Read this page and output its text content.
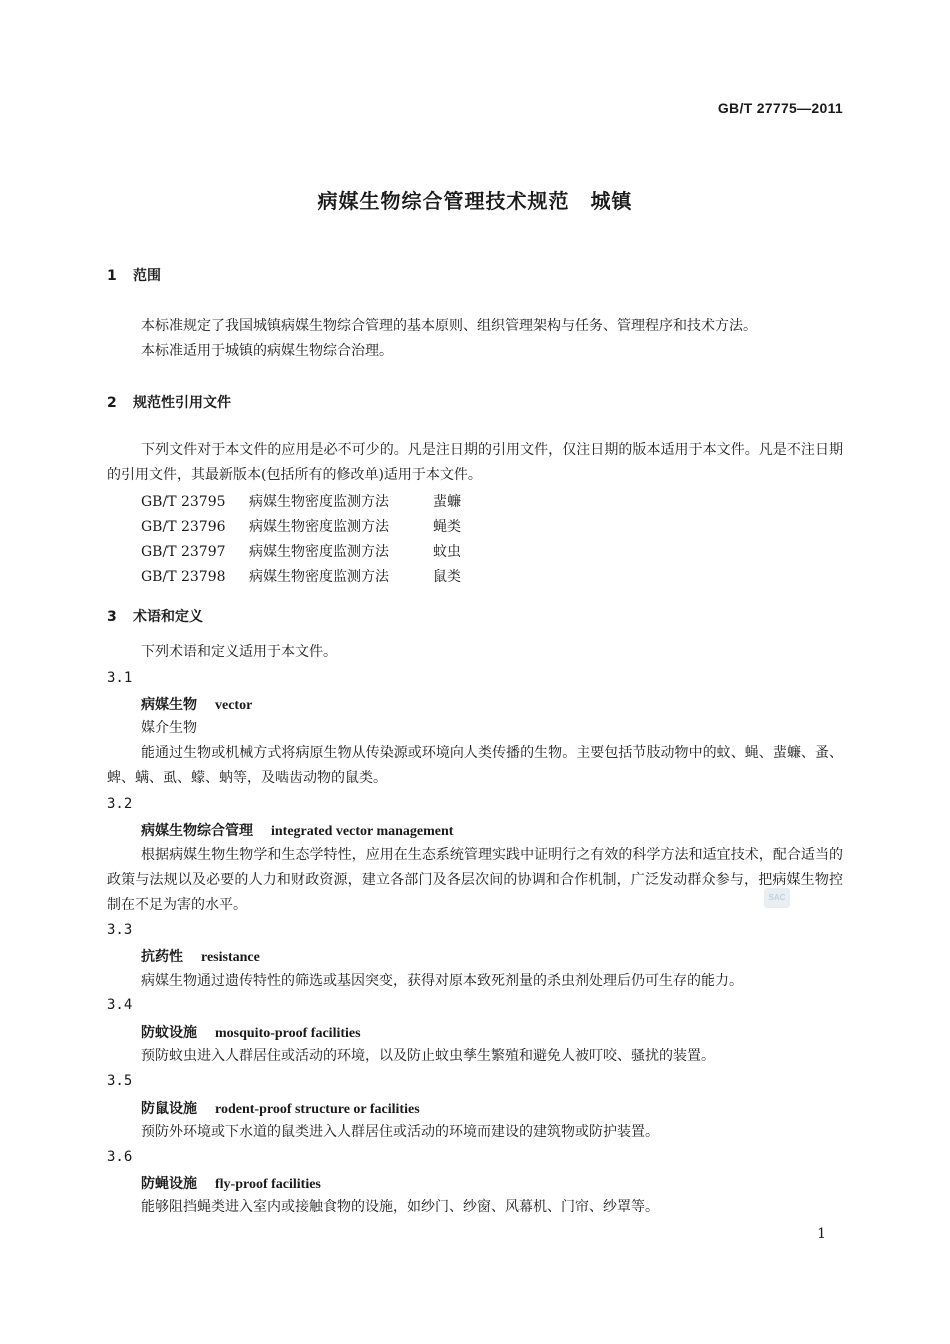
GB/T 27775—2011
病媒生物综合管理技术规范　城镇
1 范围
本标准规定了我国城镇病媒生物综合管理的基本原则、组织管理架构与任务、管理程序和技术方法。
本标准适用于城镇的病媒生物综合治理。
2 规范性引用文件
下列文件对于本文件的应用是必不可少的。凡是注日期的引用文件，仅注日期的版本适用于本文件。凡是不注日期的引用文件，其最新版本(包括所有的修改单)适用于本文件。
GB/T 23795 病媒生物密度监测方法	蜚蠊
GB/T 23796 病媒生物密度监测方法	蝇类
GB/T 23797 病媒生物密度监测方法	蚊虫
GB/T 23798 病媒生物密度监测方法	鼠类
3 术语和定义
下列术语和定义适用于本文件。
3.1
病媒生物 vector
媒介生物
能通过生物或机械方式将病原生物从传染源或环境向人类传播的生物。主要包括节肢动物中的蚊、蝇、蜚蠊、蚤、蜱、螨、虱、蠓、蚋等，及啮齿动物的鼠类。
3.2
病媒生物综合管理 integrated vector management
根据病媒生物生物学和生态学特性，应用在生态系统管理实践中证明行之有效的科学方法和适宜技术，配合适当的政策与法规以及必要的人力和财政资源，建立各部门及各层次间的协调和合作机制，广泛发动群众参与，把病媒生物控制在不足为害的水平。
3.3
抗药性 resistance
病媒生物通过遗传特性的筛选或基因突变，获得对原本致死剂量的杀虫剂处理后仍可生存的能力。
3.4
防蚊设施 mosquito-proof facilities
预防蚊虫进入人群居住或活动的环境，以及防止蚊虫孳生繁殖和避免人被叮咬、骚扰的装置。
3.5
防鼠设施 rodent-proof structure or facilities
预防外环境或下水道的鼠类进入人群居住或活动的环境而建设的建筑物或防护装置。
3.6
防蝇设施 fly-proof facilities
能够阻挡蝇类进入室内或接触食物的设施，如纱门、纱窗、风幕机、门帘、纱罩等。
SAC
1
